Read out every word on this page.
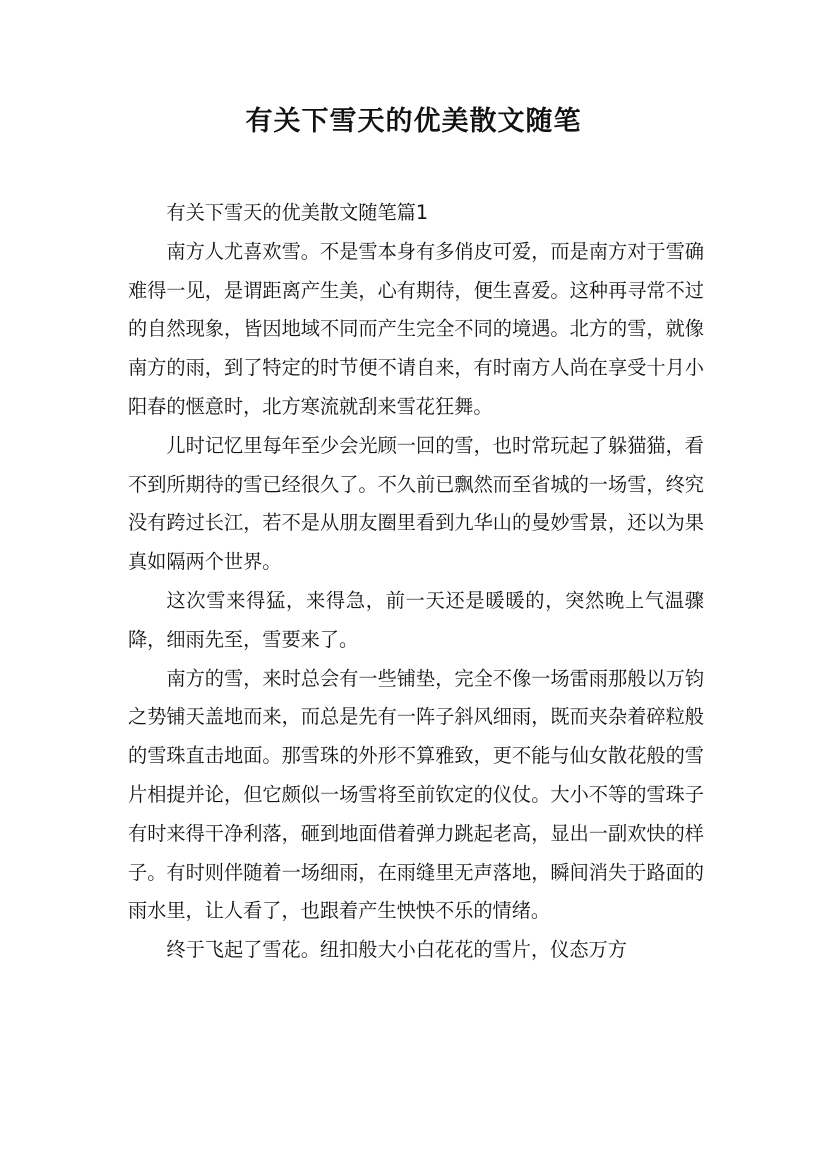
有关下雪天的优美散文随笔

有关下雪天的优美散文随笔篇1

南方人尤喜欢雪。不是雪本身有多俏皮可爱，而是南方对于雪确难得一见，是谓距离产生美，心有期待，便生喜爱。这种再寻常不过的自然现象，皆因地域不同而产生完全不同的境遇。北方的雪，就像南方的雨，到了特定的时节便不请自来，有时南方人尚在享受十月小阳春的惬意时，北方寒流就刮来雪花狂舞。

儿时记忆里每年至少会光顾一回的雪，也时常玩起了躲猫猫，看不到所期待的雪已经很久了。不久前已飘然而至省城的一场雪，终究没有跨过长江，若不是从朋友圈里看到九华山的曼妙雪景，还以为果真如隔两个世界。

这次雪来得猛，来得急，前一天还是暖暖的，突然晚上气温骤降，细雨先至，雪要来了。

南方的雪，来时总会有一些铺垫，完全不像一场雷雨那般以万钧之势铺天盖地而来，而总是先有一阵子斜风细雨，既而夹杂着碎粒般的雪珠直击地面。那雪珠的外形不算雅致，更不能与仙女散花般的雪片相提并论，但它颇似一场雪将至前钦定的仪仗。大小不等的雪珠子有时来得干净利落，砸到地面借着弹力跳起老高，显出一副欢快的样子。有时则伴随着一场细雨，在雨缝里无声落地，瞬间消失于路面的雨水里，让人看了，也跟着产生怏怏不乐的情绪。

终于飞起了雪花。纽扣般大小白花花的雪片，仪态万方
